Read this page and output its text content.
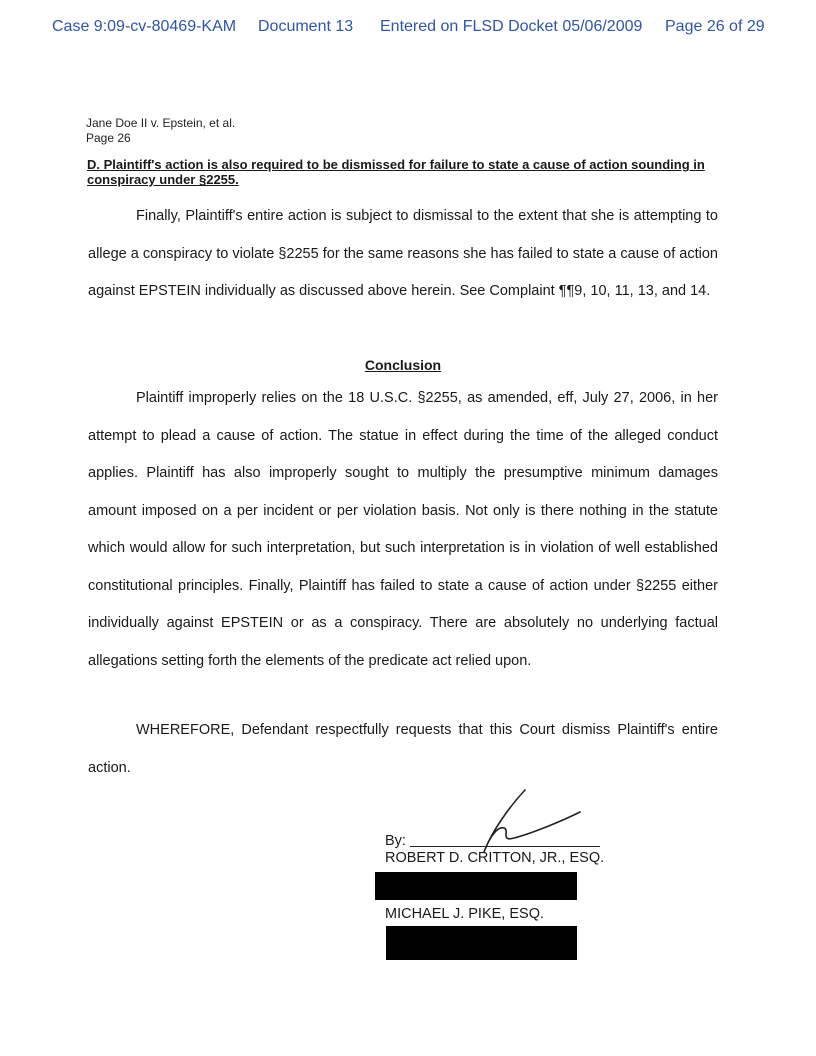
Case 9:09-cv-80469-KAM Document 13 Entered on FLSD Docket 05/06/2009 Page 26 of 29
Jane Doe II v. Epstein, et al.
Page 26
D. Plaintiff's action is also required to be dismissed for failure to state a cause of action sounding in conspiracy under §2255.
Finally, Plaintiff's entire action is subject to dismissal to the extent that she is attempting to allege a conspiracy to violate §2255 for the same reasons she has failed to state a cause of action against EPSTEIN individually as discussed above herein. See Complaint ¶¶9, 10, 11, 13, and 14.
Conclusion
Plaintiff improperly relies on the 18 U.S.C. §2255, as amended, eff, July 27, 2006, in her attempt to plead a cause of action. The statue in effect during the time of the alleged conduct applies. Plaintiff has also improperly sought to multiply the presumptive minimum damages amount imposed on a per incident or per violation basis. Not only is there nothing in the statute which would allow for such interpretation, but such interpretation is in violation of well established constitutional principles. Finally, Plaintiff has failed to state a cause of action under §2255 either individually against EPSTEIN or as a conspiracy. There are absolutely no underlying factual allegations setting forth the elements of the predicate act relied upon.
WHEREFORE, Defendant respectfully requests that this Court dismiss Plaintiff's entire action.
By:
ROBERT D. CRITTON, JR., ESQ.
MICHAEL J. PIKE, ESQ.
